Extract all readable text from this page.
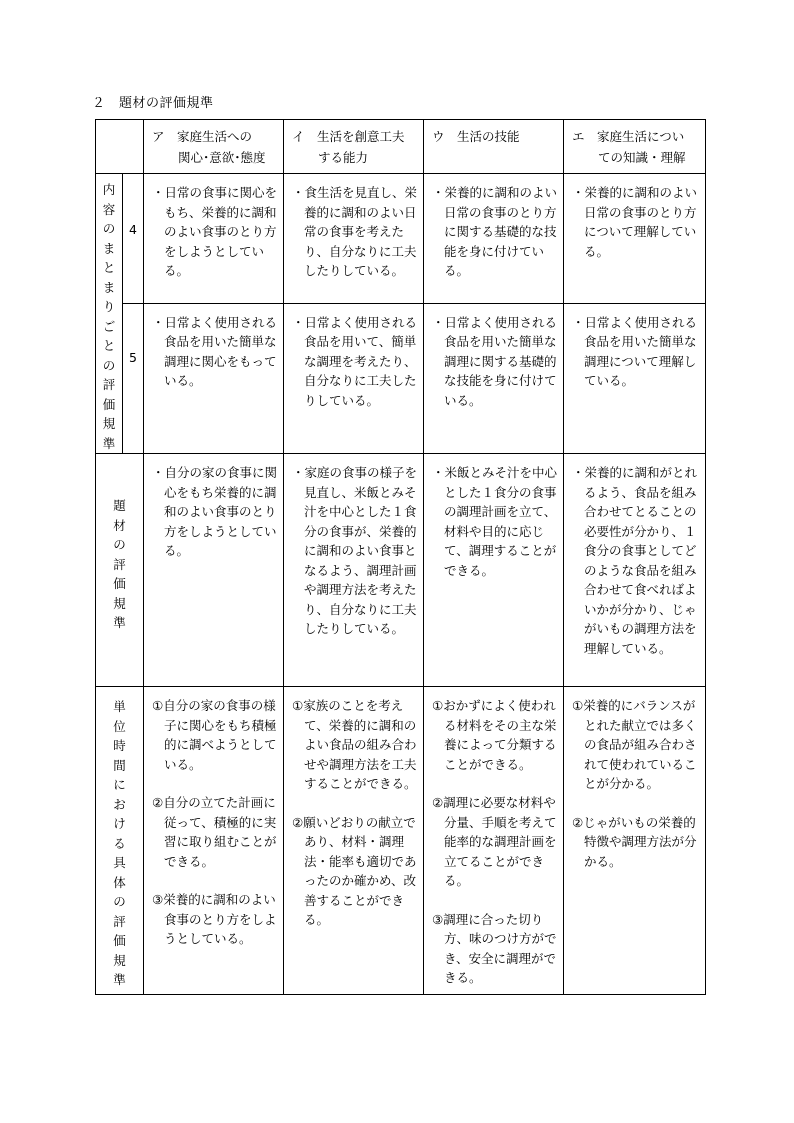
２　題材の評価規準

		ア　家庭生活への
関心･意欲･態度	イ　生活を創意工夫
する能力	ウ　生活の技能	エ　家庭生活につい
ての知識・理解

内容のまとまりごとの評価規準	4	・日常の食事に関心をもち、栄養的に調和のよい食事のとり方をしようとしている。	・食生活を見直し、栄養的に調和のよい日常の食事を考えたり、自分なりに工夫したりしている。	・栄養的に調和のよい日常の食事のとり方に関する基礎的な技能を身に付けている。	・栄養的に調和のよい日常の食事のとり方について理解している。

	5	・日常よく使用される食品を用いた簡単な調理に関心をもっている。	・日常よく使用される食品を用いて、簡単な調理を考えたり、自分なりに工夫したりしている。	・日常よく使用される食品を用いた簡単な調理に関する基礎的な技能を身に付けている。	・日常よく使用される食品を用いた簡単な調理について理解している。

題材の評価規準		・自分の家の食事に関心をもち栄養的に調和のよい食事のとり方をしようとしている。	・家庭の食事の様子を見直し、米飯とみそ汁を中心とした１食分の食事が、栄養的に調和のよい食事となるよう、調理計画や調理方法を考えたり、自分なりに工夫したりしている。	・米飯とみそ汁を中心とした１食分の食事の調理計画を立て、材料や目的に応じて、調理することができる。	・栄養的に調和がとれるよう、食品を組み合わせてとることの必要性が分かり、１食分の食事としてどのような食品を組み合わせて食べればよいかが分かり、じゃがいもの調理方法を理解している。

単位時間における具体の評価規準		①自分の家の食事の様子に関心をもち積極的に調べようとしている。
②自分の立てた計画に従って、積極的に実習に取り組むことができる。
③栄養的に調和のよい食事のとり方をしようとしている。	①家族のことを考えて、栄養的に調和のよい食品の組み合わせや調理方法を工夫することができる。
②願いどおりの献立であり、材料・調理法・能率も適切であったのか確かめ、改善することができる。	①おかずによく使われる材料をその主な栄養によって分類することができる。
②調理に必要な材料や分量、手順を考えて能率的な調理計画を立てることができる。
③調理に合った切り方、味のつけ方ができ、安全に調理ができる。	①栄養的にバランスがとれた献立では多くの食品が組み合わされて使われていることが分かる。
②じゃがいもの栄養的特徴や調理方法が分かる。
